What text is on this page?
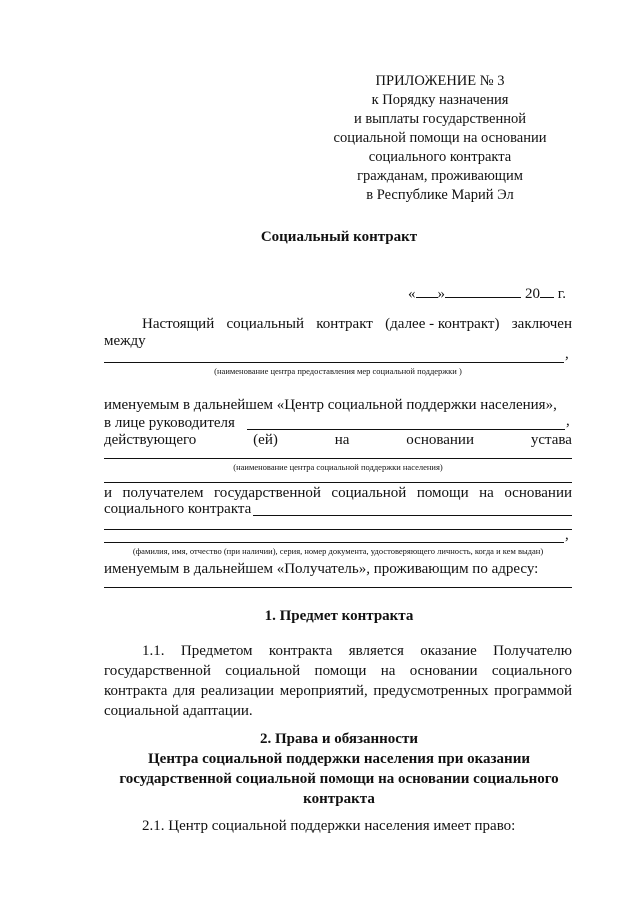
ПРИЛОЖЕНИЕ № 3
к Порядку назначения
и выплаты государственной
социальной помощи на основании
социального контракта
гражданам, проживающим
в Республике Марий Эл
Социальный контракт
« »	20 г.
Настоящий социальный контракт (далее - контракт) заключен
между
,
(наименование центра предоставления мер социальной поддержки )
именуемым в дальнейшем «Центр социальной поддержки населения»,
в лице руководителя	,
действующего	(ей)	на	основании	устава
(наименование центра социальной поддержки населения)
и получателем государственной социальной помощи на основании
социального контракта
,
(фамилия, имя, отчество (при наличии), серия, номер документа, удостоверяющего личность, когда и кем выдан)
именуемым в дальнейшем «Получатель», проживающим по адресу:
1. Предмет контракта
1.1. Предметом контракта является оказание Получателю
государственной социальной помощи на основании социального
контракта для реализации мероприятий, предусмотренных программой
социальной адаптации.
2. Права и обязанности
Центра социальной поддержки населения при оказании
государственной социальной помощи на основании социального
контракта
2.1. Центр социальной поддержки населения имеет право:
